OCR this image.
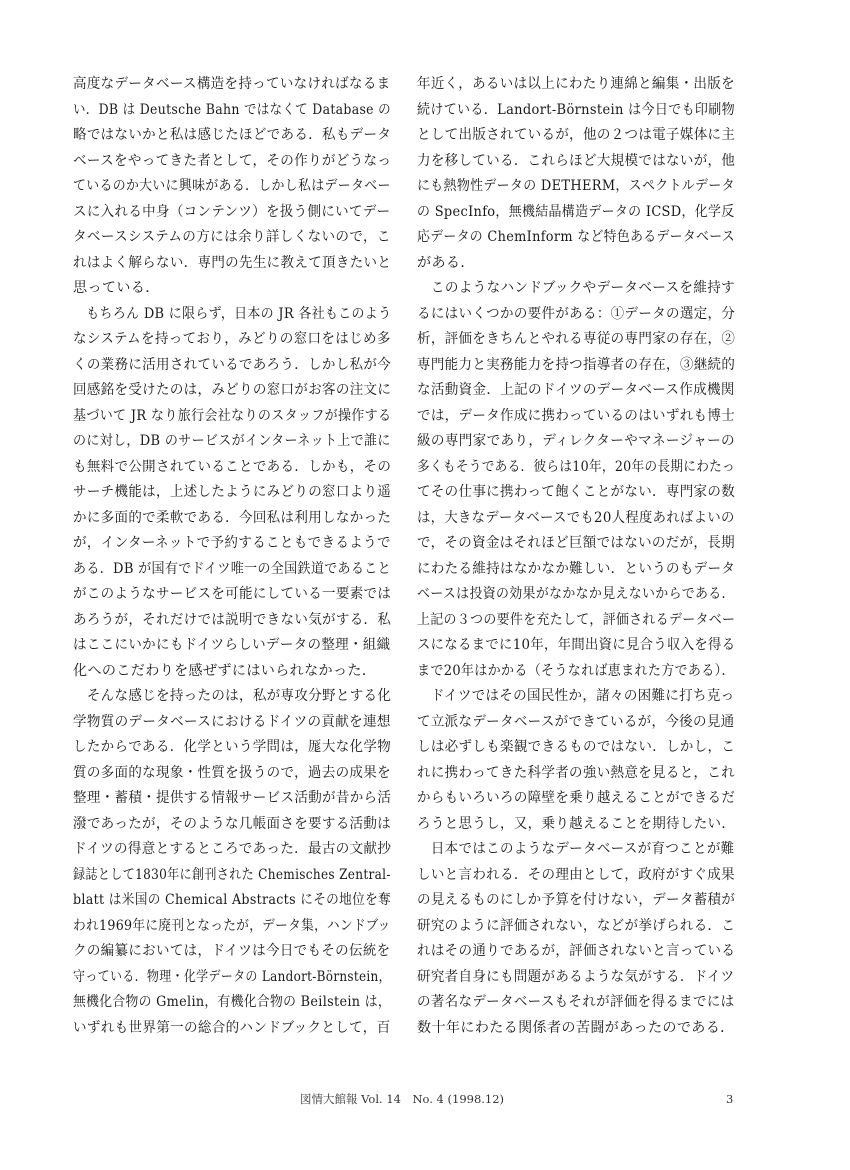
高度なデータベース構造を持っていなければなるま
い．DB は Deutsche Bahn ではなくて Database の
略ではないかと私は感じたほどである．私もデータ
ベースをやってきた者として，その作りがどうなっ
ているのか大いに興味がある．しかし私はデータベー
スに入れる中身（コンテンツ）を扱う側にいてデー
タベースシステムの方には余り詳しくないので，こ
れはよく解らない．専門の先生に教えて頂きたいと
思っている．
　もちろん DB に限らず，日本の JR 各社もこのよう
なシステムを持っており，みどりの窓口をはじめ多
くの業務に活用されているであろう．しかし私が今
回感銘を受けたのは，みどりの窓口がお客の注文に
基づいて JR なり旅行会社なりのスタッフが操作する
のに対し，DB のサービスがインターネット上で誰に
も無料で公開されていることである．しかも，その
サーチ機能は，上述したようにみどりの窓口より遥
かに多面的で柔軟である．今回私は利用しなかった
が，インターネットで予約することもできるようで
ある．DB が国有でドイツ唯一の全国鉄道であること
がこのようなサービスを可能にしている一要素では
あろうが，それだけでは説明できない気がする．私
はここにいかにもドイツらしいデータの整理・組織
化へのこだわりを感ぜずにはいられなかった．
　そんな感じを持ったのは，私が専攻分野とする化
学物質のデータベースにおけるドイツの貢献を連想
したからである．化学という学問は，厖大な化学物
質の多面的な現象・性質を扱うので，過去の成果を
整理・蓄積・提供する情報サービス活動が昔から活
潑であったが，そのような几帳面さを要する活動は
ドイツの得意とするところであった．最古の文献抄
録誌として1830年に創刊された Chemisches Zentral-
blatt は米国の Chemical Abstracts にその地位を奪
われ1969年に廃刊となったが，データ集，ハンドブッ
クの編纂においては，ドイツは今日でもその伝統を
守っている．物理・化学データの Landort-Börnstein，
無機化合物の Gmelin，有機化合物の Beilstein は，
いずれも世界第一の総合的ハンドブックとして，百
年近く，あるいは以上にわたり連綿と編集・出版を
続けている．Landort-Börnstein は今日でも印刷物
として出版されているが，他の２つは電子媒体に主
力を移している．これらほど大規模ではないが，他
にも熱物性データの DETHERM，スペクトルデータ
の SpecInfo，無機結晶構造データの ICSD，化学反
応データの ChemInform など特色あるデータベース
がある．
　このようなハンドブックやデータベースを維持す
るにはいくつかの要件がある：①データの選定，分
析，評価をきちんとやれる専従の専門家の存在，②
専門能力と実務能力を持つ指導者の存在，③継続的
な活動資金．上記のドイツのデータベース作成機関
では，データ作成に携わっているのはいずれも博士
級の専門家であり，ディレクターやマネージャーの
多くもそうである．彼らは10年，20年の長期にわたっ
てその仕事に携わって飽くことがない．専門家の数
は，大きなデータベースでも20人程度あればよいの
で，その資金はそれほど巨額ではないのだが，長期
にわたる維持はなかなか難しい．というのもデータ
ベースは投資の効果がなかなか見えないからである．
上記の３つの要件を充たして，評価されるデータベー
スになるまでに10年，年間出資に見合う収入を得る
まで20年はかかる（そうなれば恵まれた方である）．
　ドイツではその国民性か，諸々の困難に打ち克っ
て立派なデータベースができているが，今後の見通
しは必ずしも楽観できるものではない．しかし，こ
れに携わってきた科学者の強い熱意を見ると，これ
からもいろいろの障壁を乗り越えることができるだ
ろうと思うし，又，乗り越えることを期待したい．
　日本ではこのようなデータベースが育つことが難
しいと言われる．その理由として，政府がすぐ成果
の見えるものにしか予算を付けない，データ蓄積が
研究のように評価されない，などが挙げられる．こ
れはその通りであるが，評価されないと言っている
研究者自身にも問題があるような気がする．ドイツ
の著名なデータベースもそれが評価を得るまでには
数十年にわたる関係者の苦闘があったのである．
図情大館報 Vol. 14　No. 4 (1998.12)	3
